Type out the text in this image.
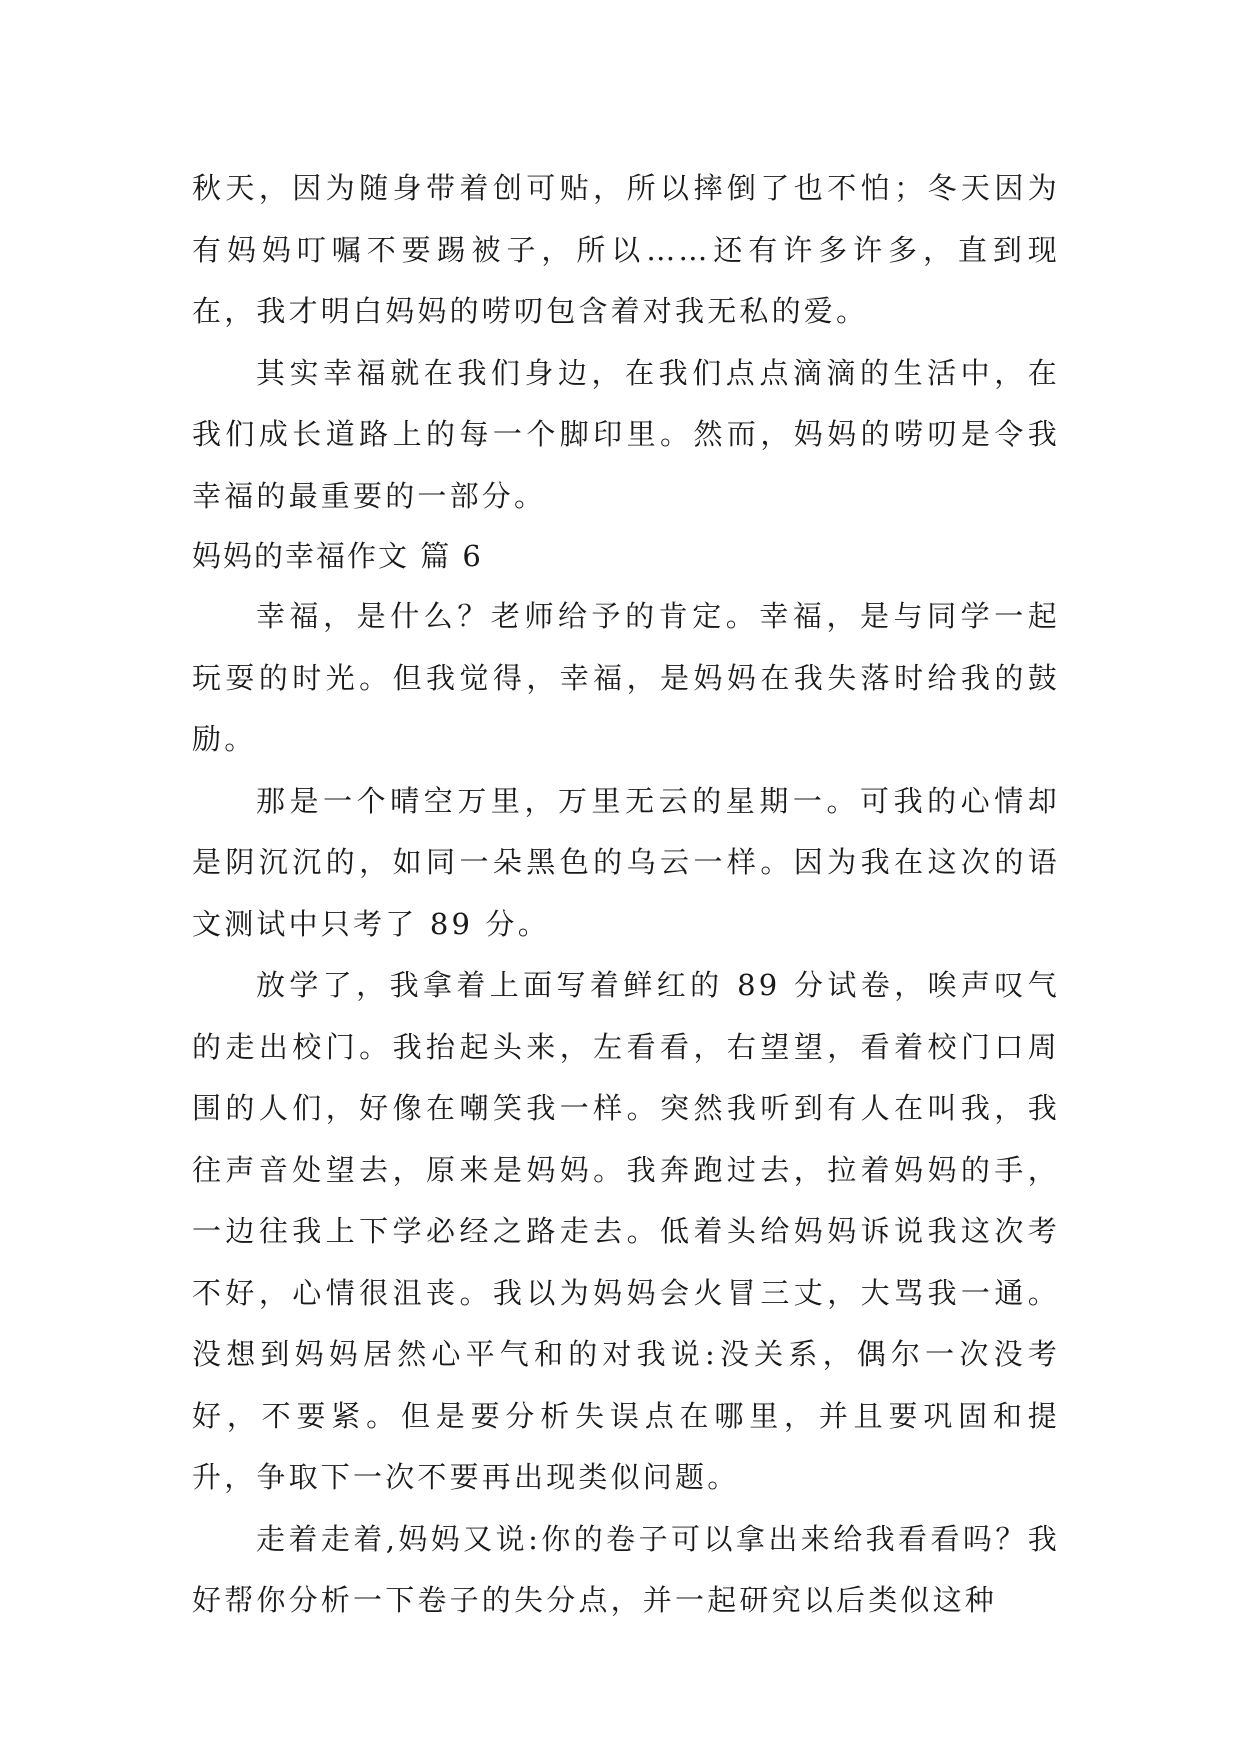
秋天，因为随身带着创可贴，所以摔倒了也不怕；冬天因为有妈妈叮嘱不要踢被子，所以……还有许多许多，直到现在，我才明白妈妈的唠叨包含着对我无私的爱。

其实幸福就在我们身边，在我们点点滴滴的生活中，在我们成长道路上的每一个脚印里。然而，妈妈的唠叨是令我幸福的最重要的一部分。

妈妈的幸福作文 篇 6

幸福，是什么？老师给予的肯定。幸福，是与同学一起玩耍的时光。但我觉得，幸福，是妈妈在我失落时给我的鼓励。

那是一个晴空万里，万里无云的星期一。可我的心情却是阴沉沉的，如同一朵黑色的乌云一样。因为我在这次的语文测试中只考了 89 分。

放学了，我拿着上面写着鲜红的 89 分试卷，唉声叹气的走出校门。我抬起头来，左看看，右望望，看着校门口周围的人们，好像在嘲笑我一样。突然我听到有人在叫我，我往声音处望去，原来是妈妈。我奔跑过去，拉着妈妈的手，一边往我上下学必经之路走去。低着头给妈妈诉说我这次考不好，心情很沮丧。我以为妈妈会火冒三丈，大骂我一通。没想到妈妈居然心平气和的对我说:没关系，偶尔一次没考好，不要紧。但是要分析失误点在哪里，并且要巩固和提升，争取下一次不要再出现类似问题。

走着走着,妈妈又说:你的卷子可以拿出来给我看看吗？我好帮你分析一下卷子的失分点，并一起研究以后类似这种
